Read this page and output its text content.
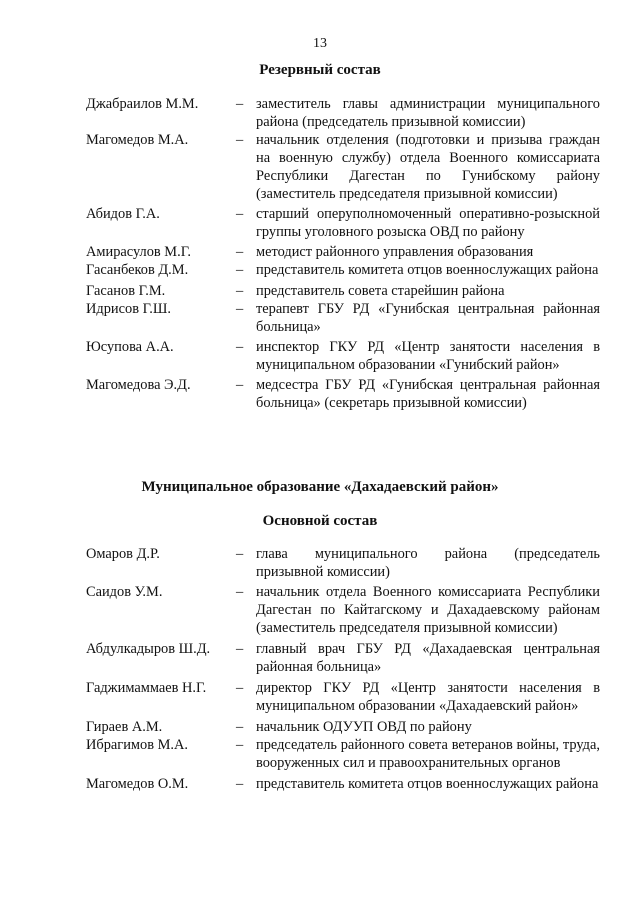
13
Резервный состав
Джабраилов М.М.	– заместитель главы администрации муниципального района (председатель призывной комиссии)
Магомедов М.А.	– начальник отделения (подготовки и призыва граждан на военную службу) отдела Военного комиссариата Республики Дагестан по Гунибскому району (заместитель председателя призывной комиссии)
Абидов Г.А.	– старший оперуполномоченный оперативно-розыскной группы уголовного розыска ОВД по району
Амирасулов М.Г.	– методист районного управления образования
Гасанбеков Д.М.	– представитель комитета отцов военнослужащих района
Гасанов Г.М.	– представитель совета старейшин района
Идрисов Г.Ш.	– терапевт ГБУ РД «Гунибская центральная районная больница»
Юсупова А.А.	– инспектор ГКУ РД «Центр занятости населения в муниципальном образовании «Гунибский район»
Магомедова Э.Д.	– медсестра ГБУ РД «Гунибская центральная районная больница» (секретарь призывной комиссии)
Муниципальное образование «Дахадаевский район»
Основной состав
Омаров Д.Р.	– глава муниципального района (председатель призывной комиссии)
Саидов У.М.	– начальник отдела Военного комиссариата Республики Дагестан по Кайтагскому и Дахадаевскому районам (заместитель председателя призывной комиссии)
Абдулкадыров Ш.Д.	– главный врач ГБУ РД «Дахадаевская центральная районная больница»
Гаджимаммаев Н.Г.	– директор ГКУ РД «Центр занятости населения в муниципальном образовании «Дахадаевский район»
Гираев А.М.	– начальник ОДУУП ОВД по району
Ибрагимов М.А.	– председатель районного совета ветеранов войны, труда, вооруженных сил и правоохранительных органов
Магомедов О.М.	– представитель комитета отцов военнослужащих района
